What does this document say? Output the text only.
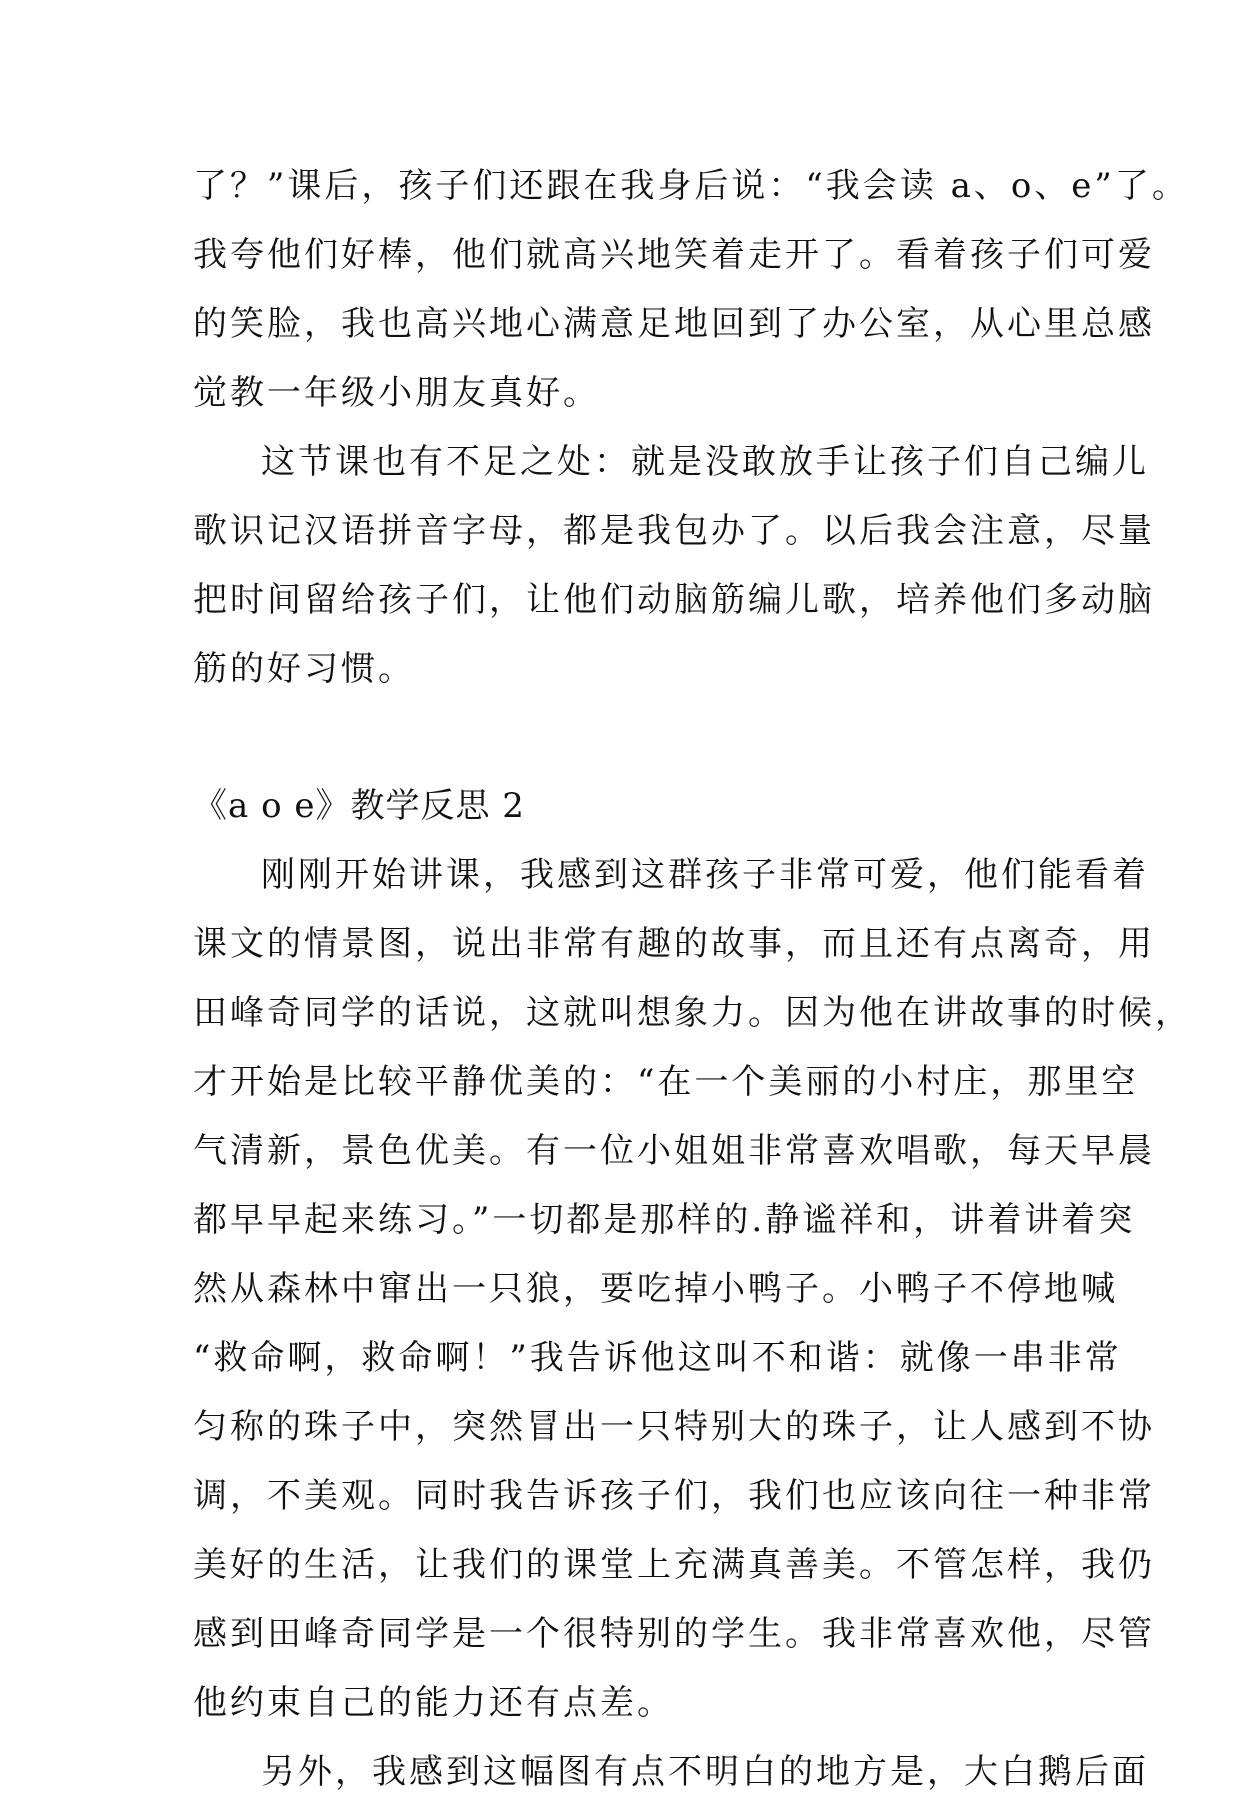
了？”课后，孩子们还跟在我身后说：“我会读 a、o、e”了。
我夸他们好棒，他们就高兴地笑着走开了。看着孩子们可爱
的笑脸，我也高兴地心满意足地回到了办公室，从心里总感
觉教一年级小朋友真好。
这节课也有不足之处：就是没敢放手让孩子们自己编儿
歌识记汉语拼音字母，都是我包办了。以后我会注意，尽量
把时间留给孩子们，让他们动脑筋编儿歌，培养他们多动脑
筋的好习惯。
《a o e》教学反思 2
刚刚开始讲课，我感到这群孩子非常可爱，他们能看着
课文的情景图，说出非常有趣的故事，而且还有点离奇，用
田峰奇同学的话说，这就叫想象力。因为他在讲故事的时候，
才开始是比较平静优美的：“在一个美丽的小村庄，那里空
气清新，景色优美。有一位小姐姐非常喜欢唱歌，每天早晨
都早早起来练习。”一切都是那样的.静谧祥和，讲着讲着突
然从森林中窜出一只狼，要吃掉小鸭子。小鸭子不停地喊
“救命啊，救命啊！”我告诉他这叫不和谐：就像一串非常
匀称的珠子中，突然冒出一只特别大的珠子，让人感到不协
调，不美观。同时我告诉孩子们，我们也应该向往一种非常
美好的生活，让我们的课堂上充满真善美。不管怎样，我仍
感到田峰奇同学是一个很特别的学生。我非常喜欢他，尽管
他约束自己的能力还有点差。
另外，我感到这幅图有点不明白的地方是，大白鹅后面
